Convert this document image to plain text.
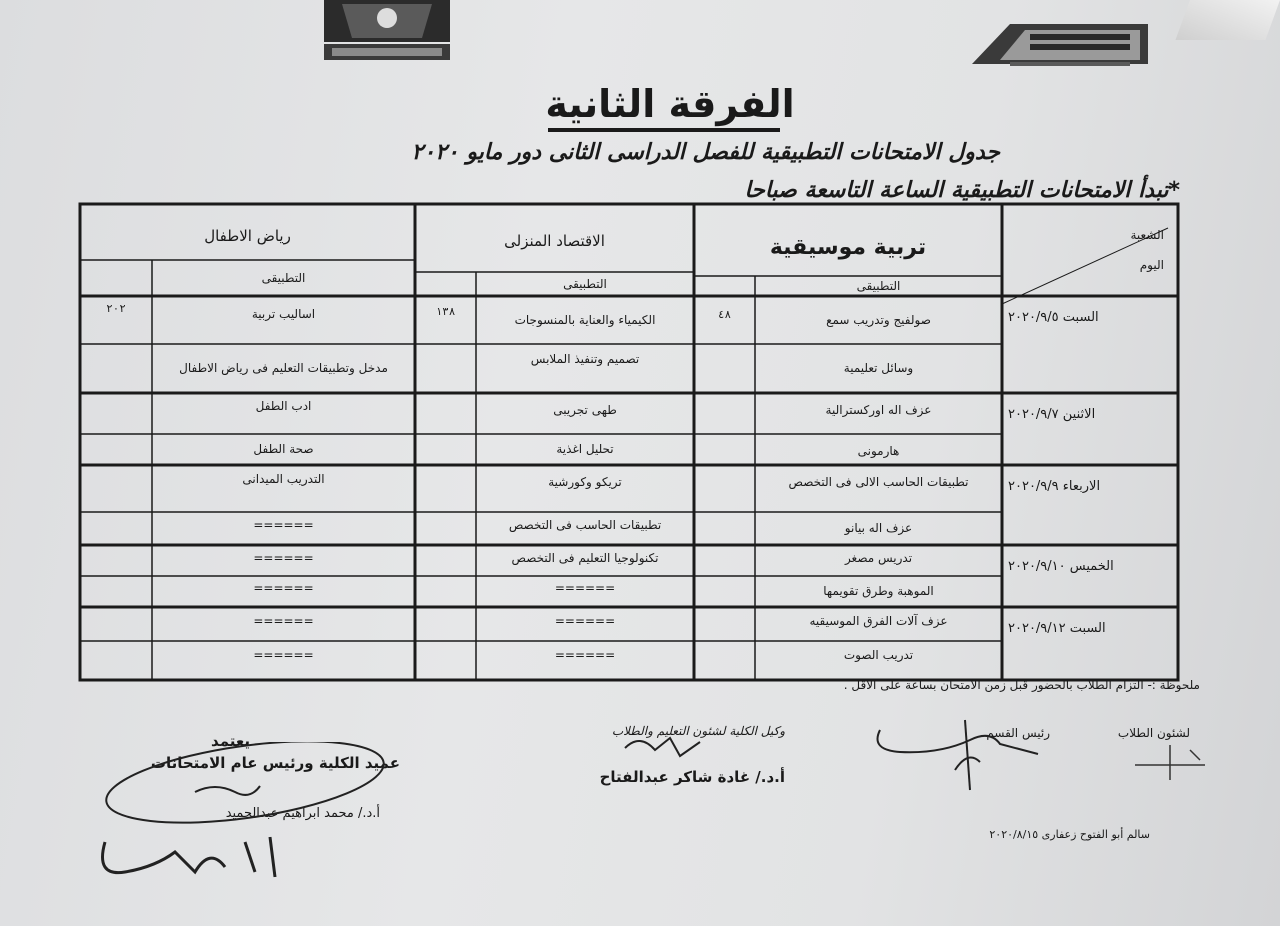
الفرقة الثانية
جدول الامتحانات التطبيقية للفصل الدراسى الثانى دور مايو ٢٠٢٠
*تبدأ الامتحانات التطبيقية الساعة التاسعة صباحا
الشعبة
اليوم
تربية موسيقية
الاقتصاد المنزلى
رياض الاطفال
التطبيقى
التطبيقى
التطبيقى
السبت ٢٠٢٠/٩/٥
الاثنين ٢٠٢٠/٩/٧
الاربعاء ٢٠٢٠/٩/٩
الخميس ٢٠٢٠/٩/١٠
السبت ٢٠٢٠/٩/١٢
صولفيج وتدريب سمع
٤٨
الكيمياء والعناية بالمنسوجات
١٣٨
اساليب تربية
٢٠٢
وسائل تعليمية
تصميم وتنفيذ الملابس
مدخل وتطبيقات التعليم فى رياض الاطفال
عزف اله اوركسترالية
طهى تجريبى
ادب الطفل
هارمونى
تحليل اغذية
صحة الطفل
تطبيقات الحاسب الالى فى التخصص
تريكو وكورشية
التدريب الميدانى
عزف اله بيانو
تطبيقات الحاسب فى التخصص
======
تدريس مصغر
تكنولوجيا التعليم فى التخصص
======
الموهبة وطرق تقويمها
======
======
عزف آلات الفرق الموسيقيه
======
======
تدريب الصوت
======
======
ملحوظة :- التزام الطلاب بالحضور قبل زمن الامتحان بساعة على الاقل .
لشئون الطلاب
رئيس القسم
وكيل الكلية لشئون التعليم والطلاب
أ.د./ غادة شاكر عبدالفتاح
يعتمد
عميد الكلية ورئيس عام الامتحانات
أ.د./ محمد ابراهيم عبدالحميد
سالم أبو الفتوح زعفارى ٢٠٢٠/٨/١٥
